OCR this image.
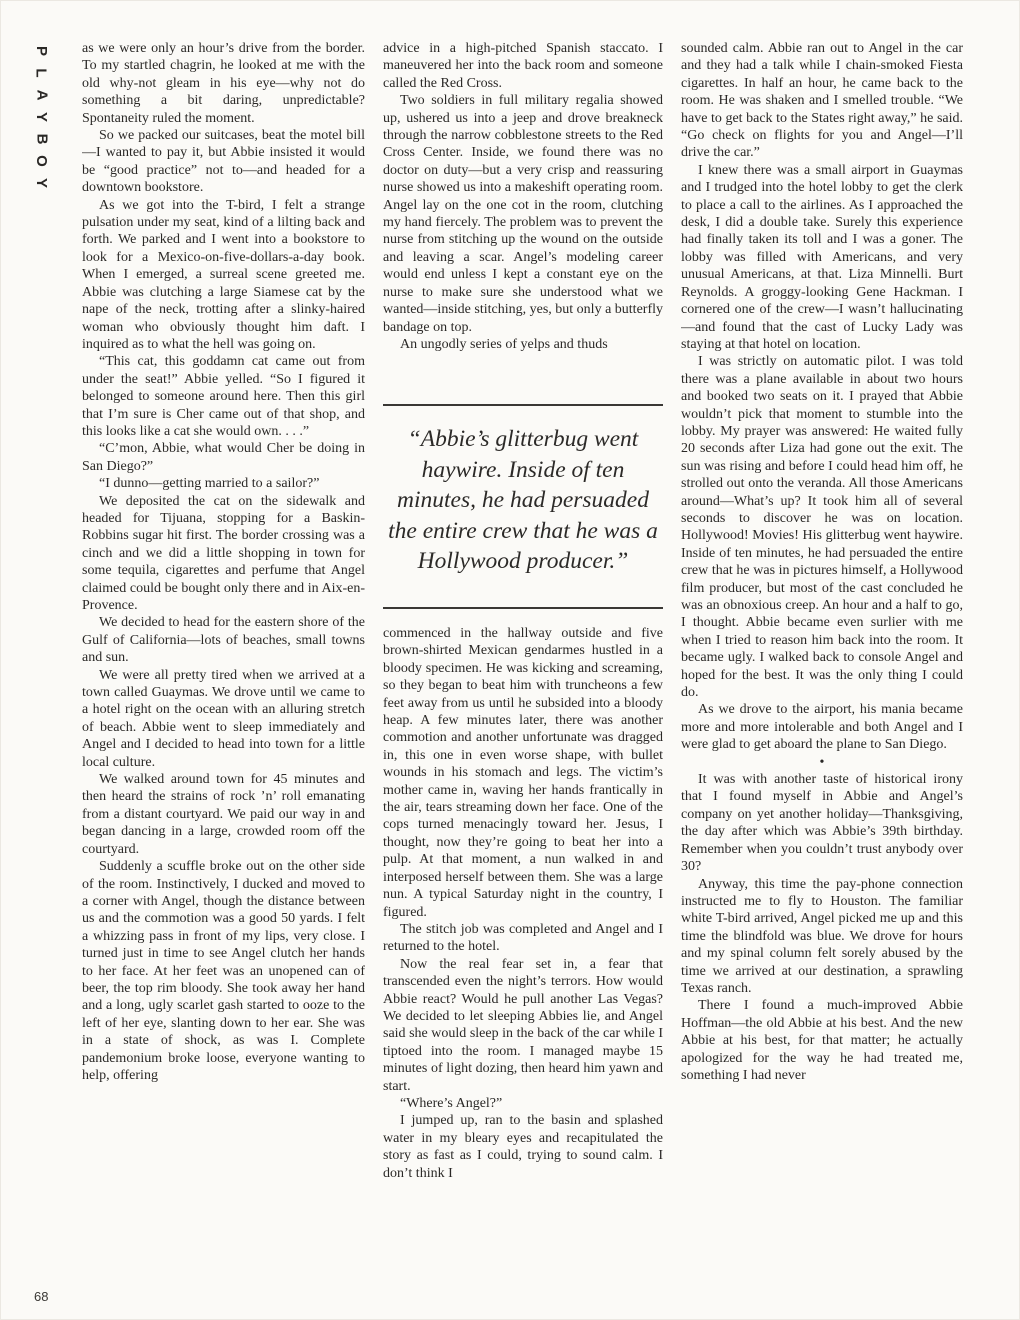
P
L
A
Y
B
O
Y
68

as we were only an hour’s drive from the border. To my startled chagrin, he looked at me with the old why-not gleam in his eye—why not do something a bit daring, unpredictable? Spontaneity ruled the moment.

So we packed our suitcases, beat the motel bill—I wanted to pay it, but Abbie insisted it would be “good practice” not to—and headed for a downtown bookstore.

As we got into the T-bird, I felt a strange pulsation under my seat, kind of a lilting back and forth. We parked and I went into a bookstore to look for a Mexico-on-five-dollars-a-day book. When I emerged, a surreal scene greeted me. Abbie was clutching a large Siamese cat by the nape of the neck, trotting after a slinky-haired woman who obviously thought him daft. I inquired as to what the hell was going on.

“This cat, this goddamn cat came out from under the seat!” Abbie yelled. “So I figured it belonged to someone around here. Then this girl that I’m sure is Cher came out of that shop, and this looks like a cat she would own. . . .”

“C’mon, Abbie, what would Cher be doing in San Diego?”

“I dunno—getting married to a sailor?”

We deposited the cat on the sidewalk and headed for Tijuana, stopping for a Baskin-Robbins sugar hit first. The border crossing was a cinch and we did a little shopping in town for some tequila, cigarettes and perfume that Angel claimed could be bought only there and in Aix-en-Provence.

We decided to head for the eastern shore of the Gulf of California—lots of beaches, small towns and sun.

We were all pretty tired when we arrived at a town called Guaymas. We drove until we came to a hotel right on the ocean with an alluring stretch of beach. Abbie went to sleep immediately and Angel and I decided to head into town for a little local culture.

We walked around town for 45 minutes and then heard the strains of rock ’n’ roll emanating from a distant courtyard. We paid our way in and began dancing in a large, crowded room off the courtyard.

Suddenly a scuffle broke out on the other side of the room. Instinctively, I ducked and moved to a corner with Angel, though the distance between us and the commotion was a good 50 yards. I felt a whizzing pass in front of my lips, very close. I turned just in time to see Angel clutch her hands to her face. At her feet was an unopened can of beer, the top rim bloody. She took away her hand and a long, ugly scarlet gash started to ooze to the left of her eye, slanting down to her ear. She was in a state of shock, as was I. Complete pandemonium broke loose, everyone wanting to help, offering

advice in a high-pitched Spanish staccato. I maneuvered her into the back room and someone called the Red Cross.

Two soldiers in full military regalia showed up, ushered us into a jeep and drove breakneck through the narrow cobblestone streets to the Red Cross Center. Inside, we found there was no doctor on duty—but a very crisp and reassuring nurse showed us into a makeshift operating room. Angel lay on the one cot in the room, clutching my hand fiercely. The problem was to prevent the nurse from stitching up the wound on the outside and leaving a scar. Angel’s modeling career would end unless I kept a constant eye on the nurse to make sure she understood what we wanted—inside stitching, yes, but only a butterfly bandage on top.

An ungodly series of yelps and thuds

“Abbie’s glitterbug went haywire. Inside of ten minutes, he had persuaded the entire crew that he was a Hollywood producer.”

commenced in the hallway outside and five brown-shirted Mexican gendarmes hustled in a bloody specimen. He was kicking and screaming, so they began to beat him with truncheons a few feet away from us until he subsided into a bloody heap. A few minutes later, there was another commotion and another unfortunate was dragged in, this one in even worse shape, with bullet wounds in his stomach and legs. The victim’s mother came in, waving her hands frantically in the air, tears streaming down her face. One of the cops turned menacingly toward her. Jesus, I thought, now they’re going to beat her into a pulp. At that moment, a nun walked in and interposed herself between them. She was a large nun. A typical Saturday night in the country, I figured.

The stitch job was completed and Angel and I returned to the hotel.

Now the real fear set in, a fear that transcended even the night’s terrors. How would Abbie react? Would he pull another Las Vegas? We decided to let sleeping Abbies lie, and Angel said she would sleep in the back of the car while I tiptoed into the room. I managed maybe 15 minutes of light dozing, then heard him yawn and start.

“Where’s Angel?”

I jumped up, ran to the basin and splashed water in my bleary eyes and recapitulated the story as fast as I could, trying to sound calm. I don’t think I

sounded calm. Abbie ran out to Angel in the car and they had a talk while I chain-smoked Fiesta cigarettes. In half an hour, he came back to the room. He was shaken and I smelled trouble. “We have to get back to the States right away,” he said. “Go check on flights for you and Angel—I’ll drive the car.”

I knew there was a small airport in Guaymas and I trudged into the hotel lobby to get the clerk to place a call to the airlines. As I approached the desk, I did a double take. Surely this experience had finally taken its toll and I was a goner. The lobby was filled with Americans, and very unusual Americans, at that. Liza Minnelli. Burt Reynolds. A groggy-looking Gene Hackman. I cornered one of the crew—I wasn’t hallucinating—and found that the cast of Lucky Lady was staying at that hotel on location.

I was strictly on automatic pilot. I was told there was a plane available in about two hours and booked two seats on it. I prayed that Abbie wouldn’t pick that moment to stumble into the lobby. My prayer was answered: He waited fully 20 seconds after Liza had gone out the exit. The sun was rising and before I could head him off, he strolled out onto the veranda. All those Americans around—What’s up? It took him all of several seconds to discover he was on location. Hollywood! Movies! His glitterbug went haywire. Inside of ten minutes, he had persuaded the entire crew that he was in pictures himself, a Hollywood film producer, but most of the cast concluded he was an obnoxious creep. An hour and a half to go, I thought. Abbie became even surlier with me when I tried to reason him back into the room. It became ugly. I walked back to console Angel and hoped for the best. It was the only thing I could do.

As we drove to the airport, his mania became more and more intolerable and both Angel and I were glad to get aboard the plane to San Diego.

•

It was with another taste of historical irony that I found myself in Abbie and Angel’s company on yet another holiday—Thanksgiving, the day after which was Abbie’s 39th birthday. Remember when you couldn’t trust anybody over 30?

Anyway, this time the pay-phone connection instructed me to fly to Houston. The familiar white T-bird arrived, Angel picked me up and this time the blindfold was blue. We drove for hours and my spinal column felt sorely abused by the time we arrived at our destination, a sprawling Texas ranch.

There I found a much-improved Abbie Hoffman—the old Abbie at his best. And the new Abbie at his best, for that matter; he actually apologized for the way he had treated me, something I had never
